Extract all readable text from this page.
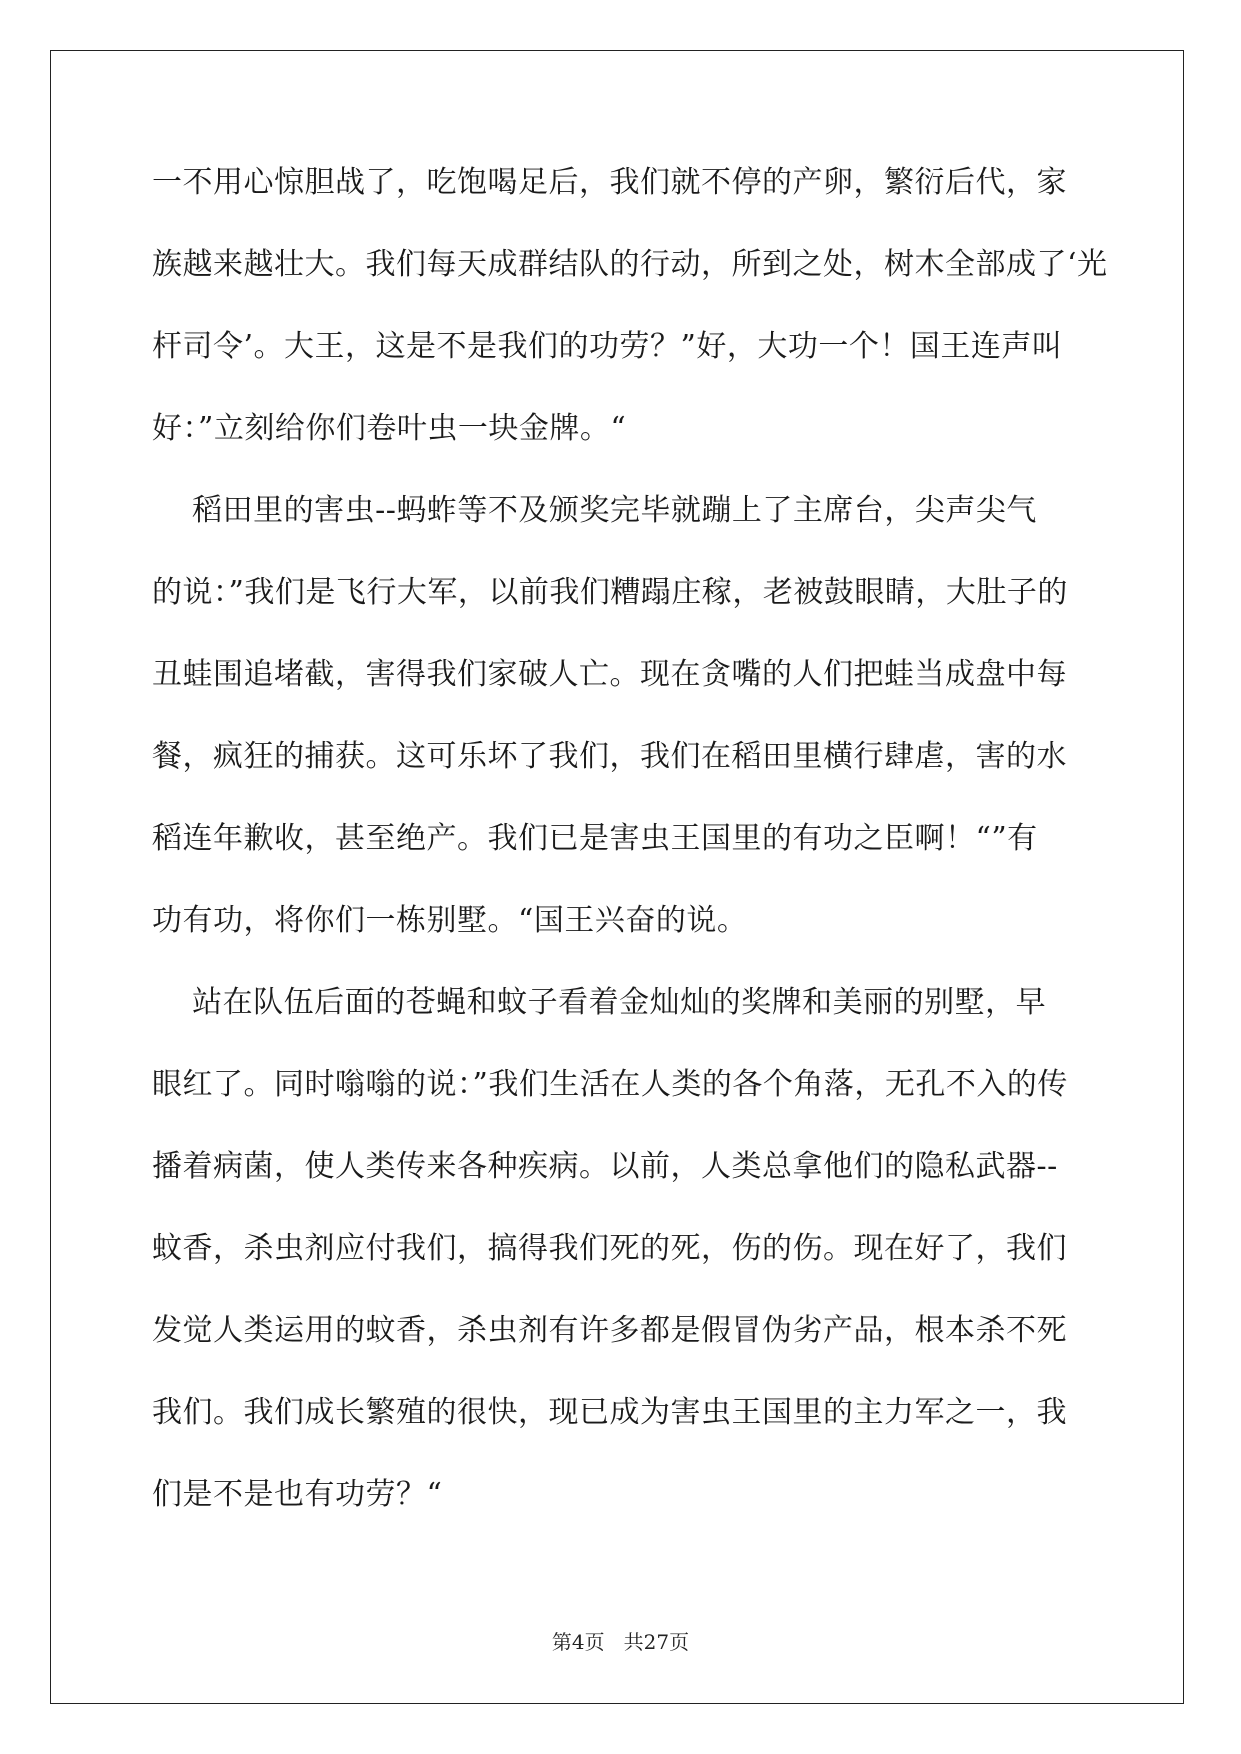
一不用心惊胆战了，吃饱喝足后，我们就不停的产卵，繁衍后代，家
族越来越壮大。我们每天成群结队的行动，所到之处，树木全部成了‘光
杆司令’。大王，这是不是我们的功劳？”好，大功一个！国王连声叫
好：”立刻给你们卷叶虫一块金牌。“
稻田里的害虫--蚂蚱等不及颁奖完毕就蹦上了主席台，尖声尖气
的说：”我们是飞行大军，以前我们糟蹋庄稼，老被鼓眼睛，大肚子的
丑蛙围追堵截，害得我们家破人亡。现在贪嘴的人们把蛙当成盘中每
餐，疯狂的捕获。这可乐坏了我们，我们在稻田里横行肆虐，害的水
稻连年歉收，甚至绝产。我们已是害虫王国里的有功之臣啊！“”有
功有功，将你们一栋别墅。“国王兴奋的说。
站在队伍后面的苍蝇和蚊子看着金灿灿的奖牌和美丽的别墅，早
眼红了。同时嗡嗡的说：”我们生活在人类的各个角落，无孔不入的传
播着病菌，使人类传来各种疾病。以前，人类总拿他们的隐私武器--
蚊香，杀虫剂应付我们，搞得我们死的死，伤的伤。现在好了，我们
发觉人类运用的蚊香，杀虫剂有许多都是假冒伪劣产品，根本杀不死
我们。我们成长繁殖的很快，现已成为害虫王国里的主力军之一，我
们是不是也有功劳？“
第4页   共27页
